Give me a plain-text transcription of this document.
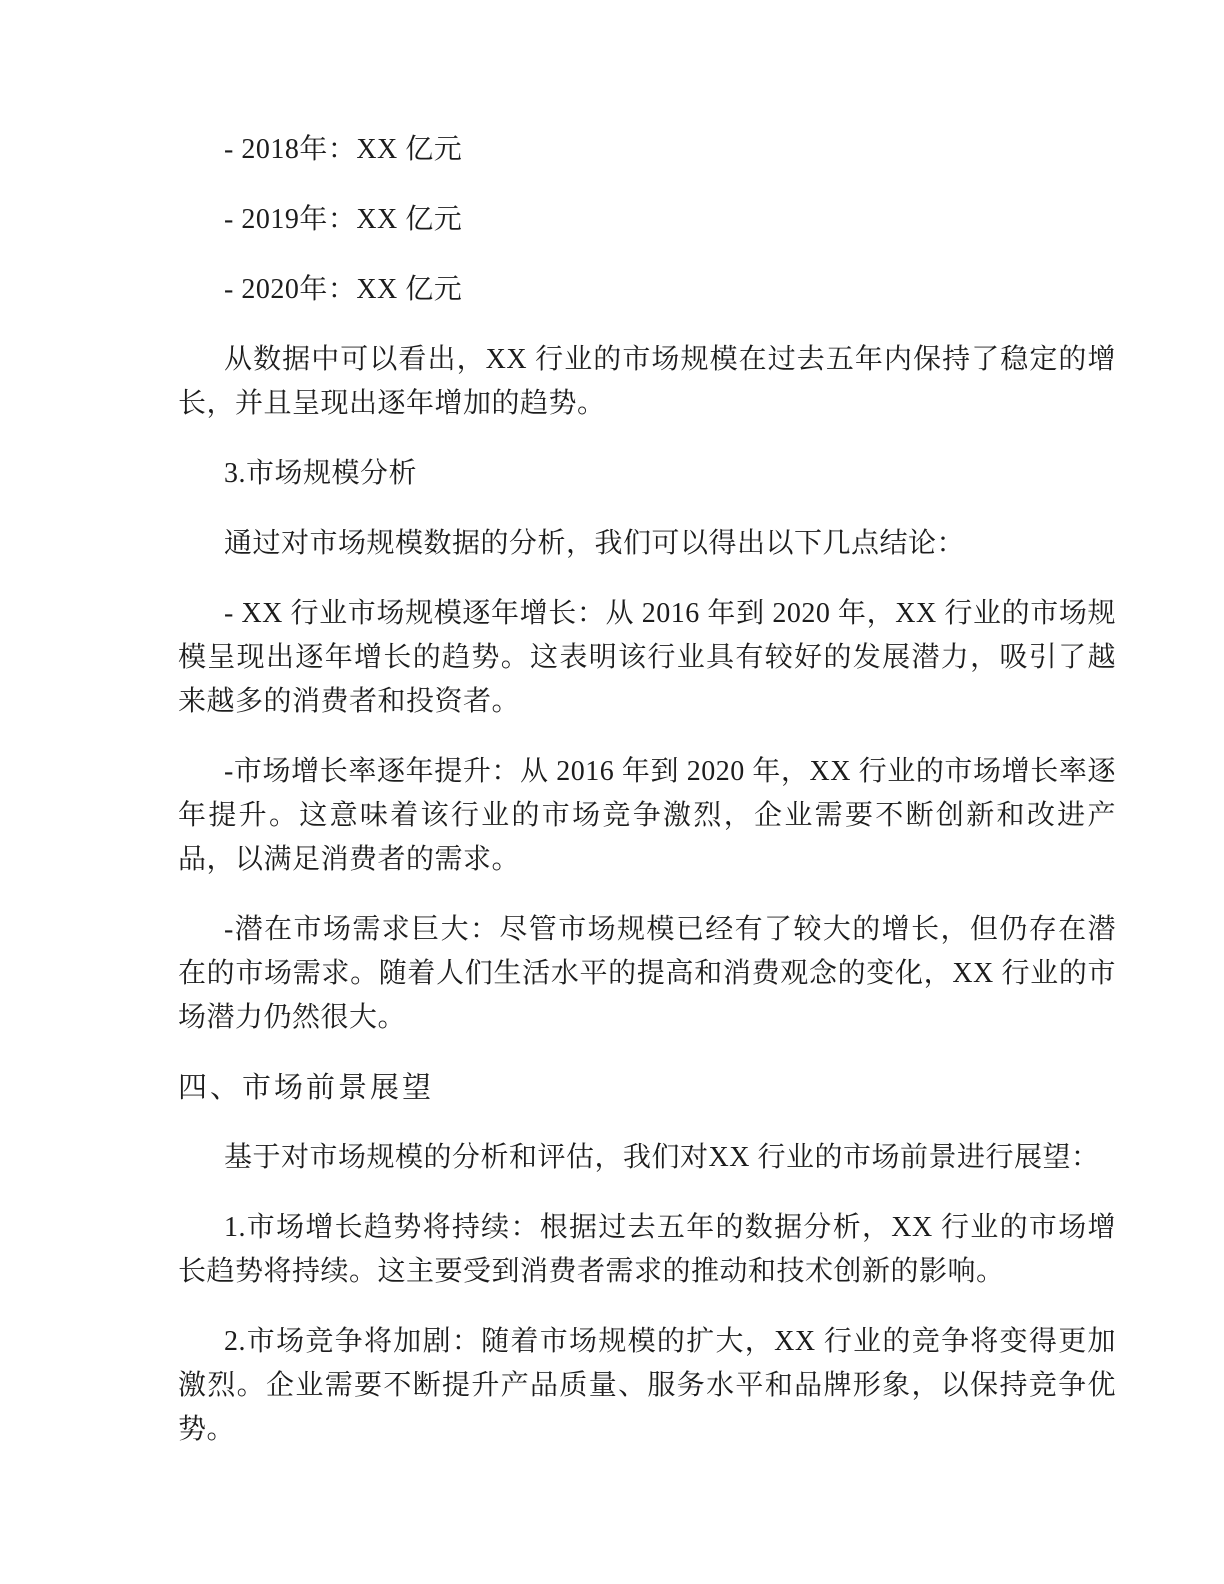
- 2018年：XX 亿元

- 2019年：XX 亿元

- 2020年：XX 亿元

从数据中可以看出，XX 行业的市场规模在过去五年内保持了稳定的增长，并且呈现出逐年增加的趋势。

3.市场规模分析

通过对市场规模数据的分析，我们可以得出以下几点结论：

- XX 行业市场规模逐年增长：从 2016 年到 2020 年，XX 行业的市场规模呈现出逐年增长的趋势。这表明该行业具有较好的发展潜力，吸引了越来越多的消费者和投资者。

-市场增长率逐年提升：从 2016 年到 2020 年，XX 行业的市场增长率逐年提升。这意味着该行业的市场竞争激烈，企业需要不断创新和改进产品，以满足消费者的需求。

-潜在市场需求巨大：尽管市场规模已经有了较大的增长，但仍存在潜在的市场需求。随着人们生活水平的提高和消费观念的变化，XX 行业的市场潜力仍然很大。

四、市场前景展望

基于对市场规模的分析和评估，我们对XX 行业的市场前景进行展望：

1.市场增长趋势将持续：根据过去五年的数据分析，XX 行业的市场增长趋势将持续。这主要受到消费者需求的推动和技术创新的影响。

2.市场竞争将加剧：随着市场规模的扩大，XX 行业的竞争将变得更加激烈。企业需要不断提升产品质量、服务水平和品牌形象，以保持竞争优势。
